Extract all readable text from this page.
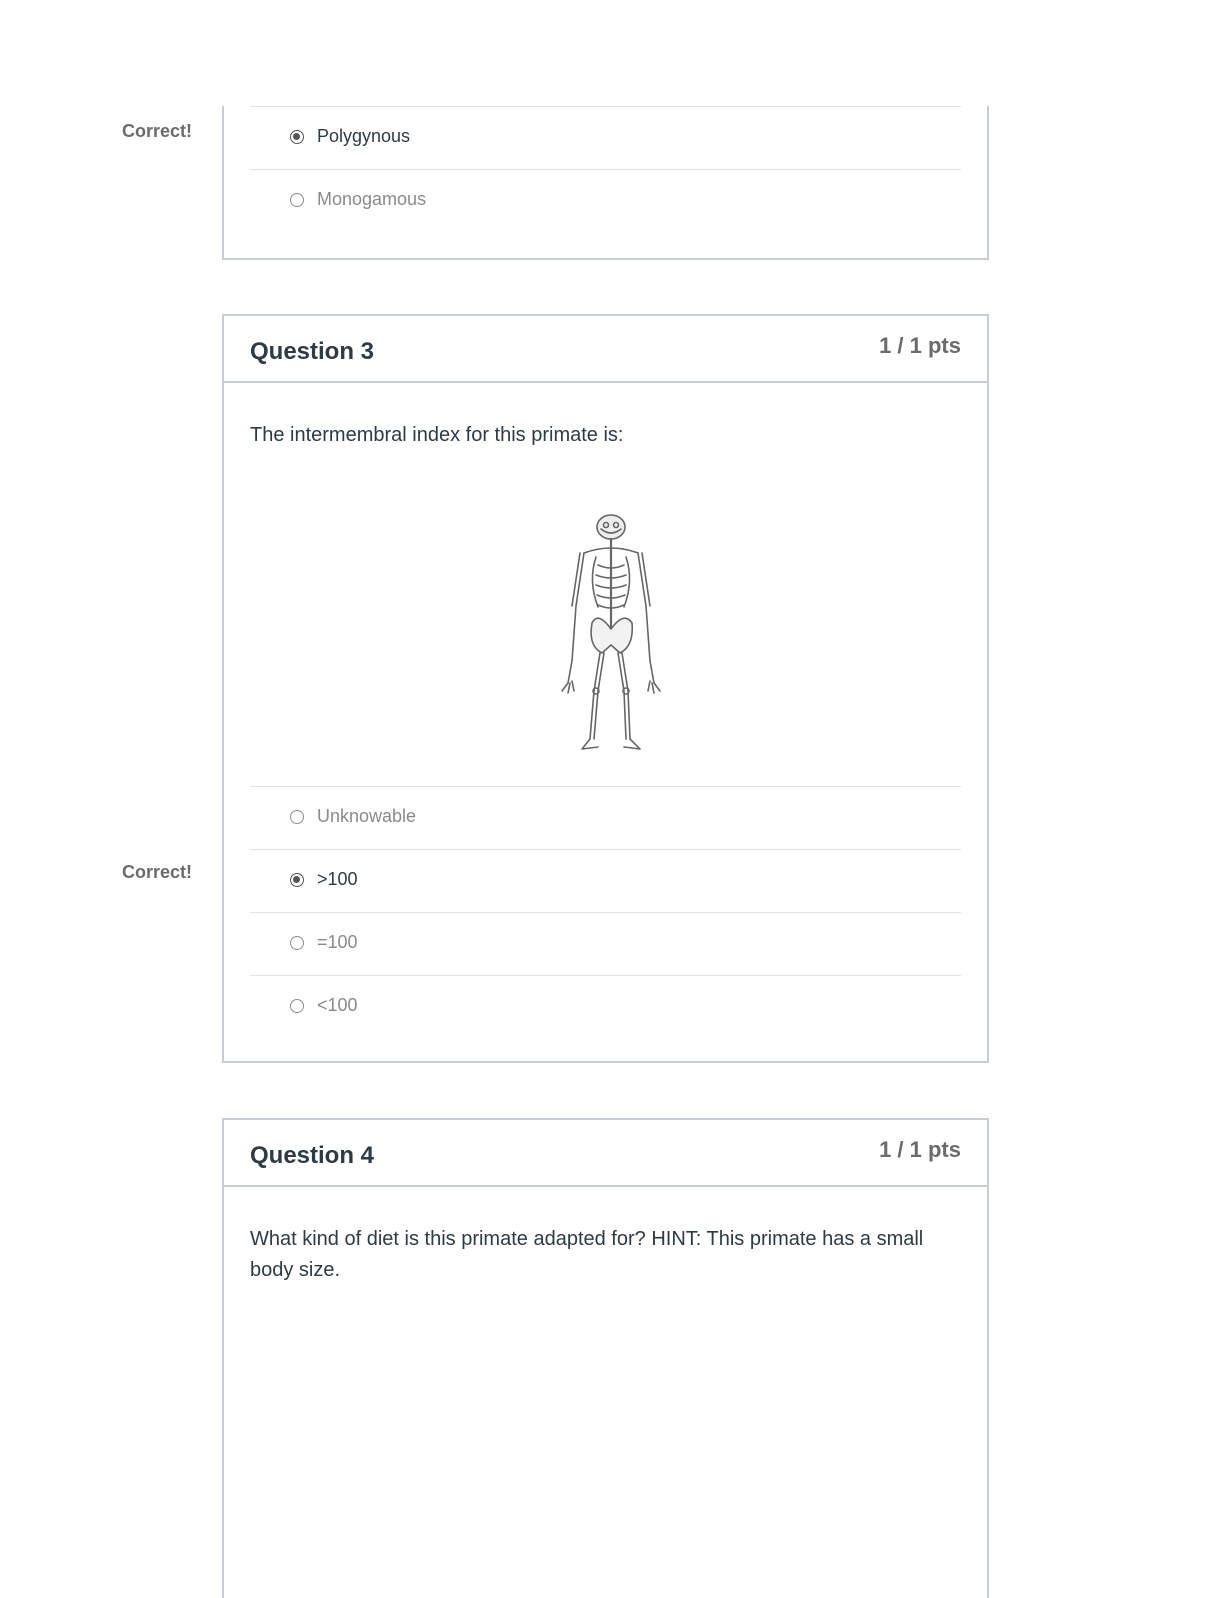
Correct!	Polygynous
Monogamous
Question 3	1 / 1 pts
The intermembral index for this primate is:
Unknowable
>100
=100
<100
Correct!
Question 4	1 / 1 pts
What kind of diet is this primate adapted for? HINT: This primate has a small body size.
